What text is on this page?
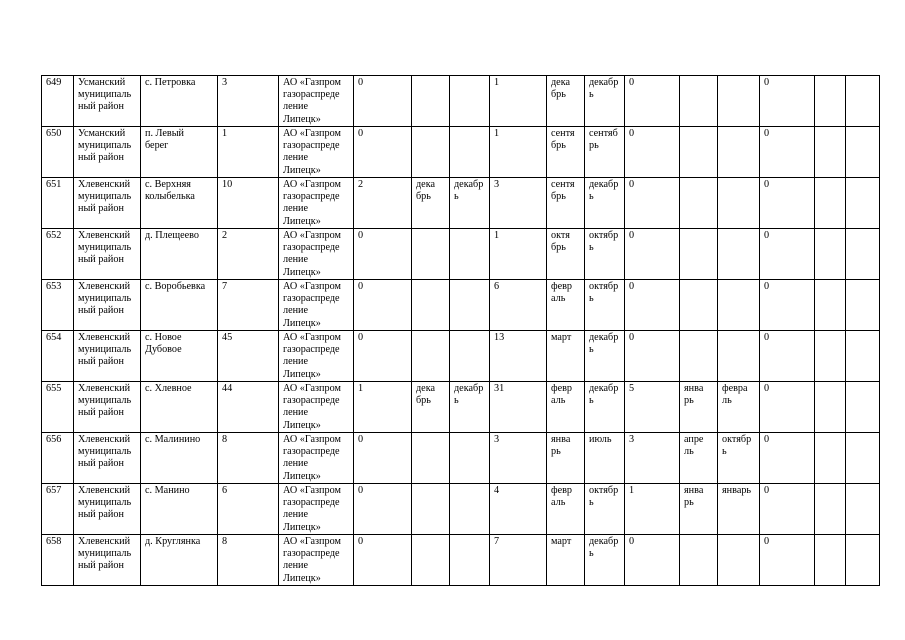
649	Усманский
муниципаль
ный район	с. Петровка	3	АО «Газпром
газораспреде
ление
Липецк»	0			1	дека
брь	декабр
ь	0			0		
650	Усманский
муниципаль
ный район	п. Левый
берег	1	АО «Газпром
газораспреде
ление
Липецк»	0			1	сентя
брь	сентяб
рь	0			0		
651	Хлевенский
муниципаль
ный район	с. Верхняя
колыбелька	10	АО «Газпром
газораспреде
ление
Липецк»	2	дека
брь	декабр
ь	3	сентя
брь	декабр
ь	0			0		
652	Хлевенский
муниципаль
ный район	д. Плещеево	2	АО «Газпром
газораспреде
ление
Липецк»	0			1	октя
брь	октябр
ь	0			0		
653	Хлевенский
муниципаль
ный район	с. Воробьевка	7	АО «Газпром
газораспреде
ление
Липецк»	0			6	февр
аль	октябр
ь	0			0		
654	Хлевенский
муниципаль
ный район	с. Новое
Дубовое	45	АО «Газпром
газораспреде
ление
Липецк»	0			13	март	декабр
ь	0			0		
655	Хлевенский
муниципаль
ный район	с. Хлевное	44	АО «Газпром
газораспреде
ление
Липецк»	1	дека
брь	декабр
ь	31	февр
аль	декабр
ь	5	янва
рь	февра
ль	0		
656	Хлевенский
муниципаль
ный район	с. Малинино	8	АО «Газпром
газораспреде
ление
Липецк»	0			3	янва
рь	июль	3	апре
ль	октябр
ь	0		
657	Хлевенский
муниципаль
ный район	с. Манино	6	АО «Газпром
газораспреде
ление
Липецк»	0			4	февр
аль	октябр
ь	1	янва
рь	январь	0		
658	Хлевенский
муниципаль
ный район	д. Круглянка	8	АО «Газпром
газораспреде
ление
Липецк»	0			7	март	декабр
ь	0			0		
